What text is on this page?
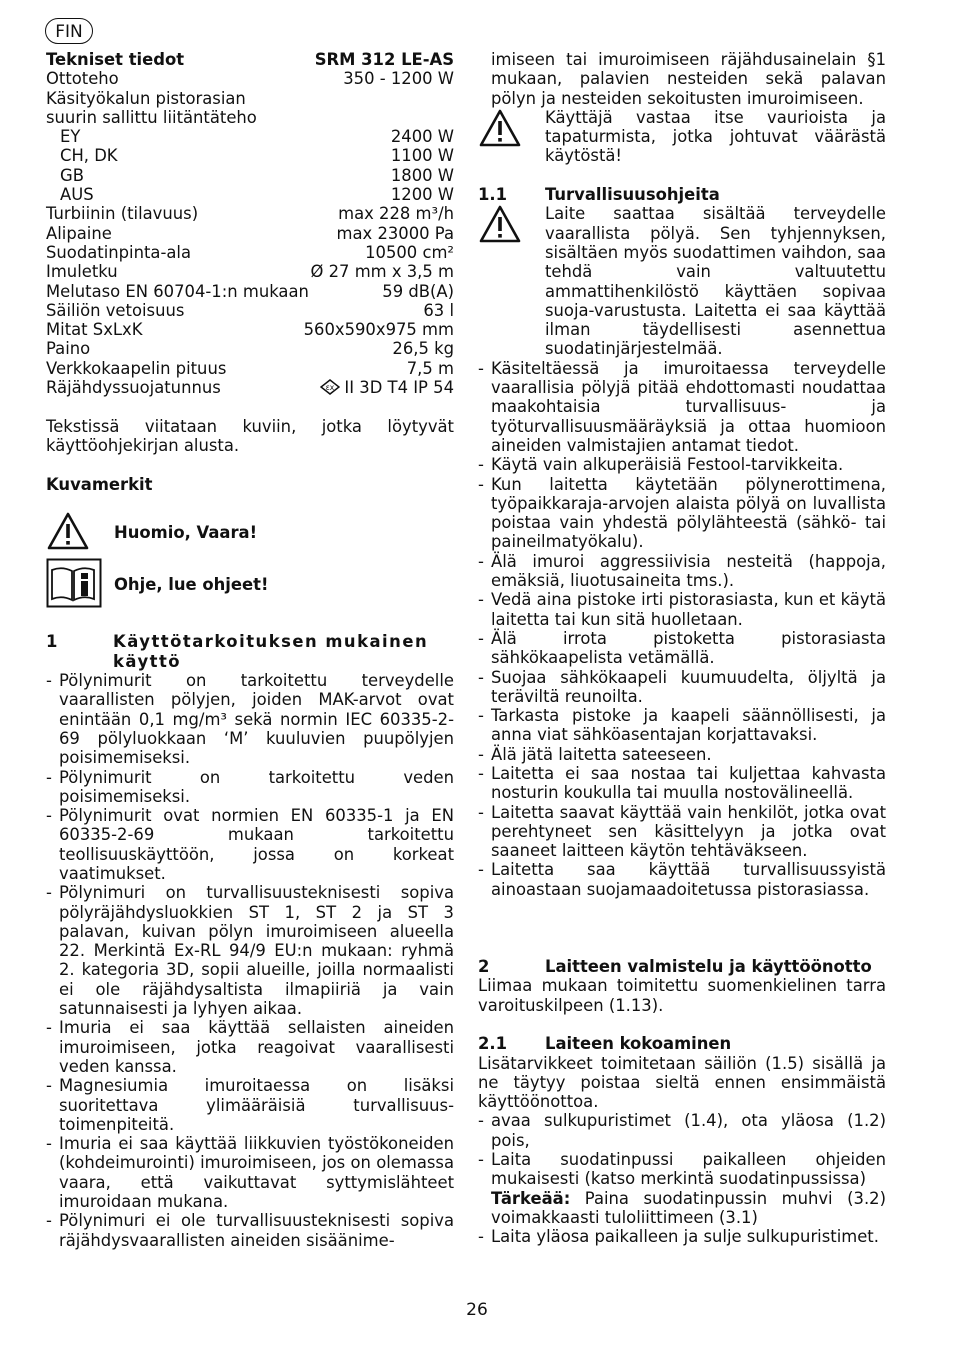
FIN
Tekniset tiedot	SRM 312 LE-AS
Ottoteho	350 - 1200 W
Käsityökalun pistorasian
suurin sallittu liitäntäteho
EY	2400 W
CH, DK	1100 W
GB	1800 W
AUS	1200 W
Turbiinin (tilavuus)	max 228 m³/h
Alipaine	max 23000 Pa
Suodatinpinta-ala	10500 cm²
Imuletku	Ø 27 mm x 3,5 m
Melutaso EN 60704-1:n mukaan	59 dB(A)
Säiliön vetoisuus	63 l
Mitat SxLxK	560x590x975 mm
Paino	26,5 kg
Verkkokaapelin pituus	7,5 m
Räjähdyssuojatunnus	εx II 3D T4 IP 54
Tekstissä viitataan kuviin, jotka löytyvät käyttöohjekirjan alusta.
Kuvamerkit
Huomio, Vaara!
Ohje, lue ohjeet!
1	Käyttötarkoituksen mukainen käyttö
- Pölynimurit on tarkoitettu terveydelle vaarallisten pölyjen, joiden MAK-arvot ovat enintään 0,1 mg/m³ sekä normin IEC 60335-2-69 pölyluokkaan ‘M’ kuuluvien puupölyjen poisimemiseksi.
- Pölynimurit on tarkoitettu veden poisimemiseksi.
- Pölynimurit ovat normien EN 60335-1 ja EN 60335-2-69 mukaan tarkoitettu teollisuuskäyttöön, jossa on korkeat vaatimukset.
- Pölynimuri on turvallisuusteknisesti sopiva pölyräjähdysluokkien ST 1, ST 2 ja ST 3 palavan, kuivan pölyn imuroimiseen alueella 22. Merkintä Ex-RL 94/9 EU:n mukaan: ryhmä 2. kategoria 3D, sopii alueille, joilla normaalisti ei ole räjähdysaltista ilmapiiriä ja vain satunnaisesti ja lyhyen aikaa.
- Imuria ei saa käyttää sellaisten aineiden imuroimiseen, jotka reagoivat vaarallisesti veden kanssa.
- Magnesiumia imuroitaessa on lisäksi suoritettava ylimääräisiä turvallisuus-toimenpiteitä.
- Imuria ei saa käyttää liikkuvien työstökoneiden (kohdeimurointi) imuroimiseen, jos on olemassa vaara, että vaikuttavat syttymislähteet imuroidaan mukana.
- Pölynimuri ei ole turvallisuusteknisesti sopiva räjähdysvaarallisten aineiden sisäänime-
imiseen tai imuroimiseen räjähdusainelain §1 mukaan, palavien nesteiden sekä palavan pölyn ja nesteiden sekoitusten imuroimiseen.
Käyttäjä vastaa itse vaurioista ja tapaturmista, jotka johtuvat väärästä käytöstä!
1.1	Turvallisuusohjeita
Laite saattaa sisältää terveydelle vaarallista pölyä. Sen tyhjennyksen, sisältäen myös suodattimen vaihdon, saa tehdä vain valtuutettu ammattihenkilöstö käyttäen sopivaa suoja-varustusta. Laitetta ei saa käyttää ilman täydellisesti asennettua suodatinjärjestelmää.
- Käsiteltäessä ja imuroitaessa terveydelle vaarallisia pölyjä pitää ehdottomasti noudattaa maakohtaisia turvallisuus- ja työturvallisuusmääräyksiä ja ottaa huomioon aineiden valmistajien antamat tiedot.
- Käytä vain alkuperäisiä Festool-tarvikkeita.
- Kun laitetta käytetään pölynerottimena, työpaikkaraja-arvojen alaista pölyä on luvallista poistaa vain yhdestä pölylähteestä (sähkö- tai paineilmatyökalu).
- Älä imuroi aggressiivisia nesteitä (happoja, emäksiä, liuotusaineita tms.).
- Vedä aina pistoke irti pistorasiasta, kun et käytä laitetta tai kun sitä huolletaan.
- Älä irrota pistoketta pistorasiasta sähkökaapelista vetämällä.
- Suojaa sähkökaapeli kuumuudelta, öljyltä ja teräviltä reunoilta.
- Tarkasta pistoke ja kaapeli säännöllisesti, ja anna viat sähköasentajan korjattavaksi.
- Älä jätä laitetta sateeseen.
- Laitetta ei saa nostaa tai kuljettaa kahvasta nosturin koukulla tai muulla nostovälineellä.
- Laitetta saavat käyttää vain henkilöt, jotka ovat perehtyneet sen käsittelyyn ja jotka ovat saaneet laitteen käytön tehtäväkseen.
- Laitetta saa käyttää turvallisuussyistä ainoastaan suojamaadoitetussa pistorasiassa.
2	Laitteen valmistelu ja käyttöönotto
Liimaa mukaan toimitettu suomenkielinen tarra varoituskilpeen (1.13).
2.1	Laiteen kokoaminen
Lisätarvikkeet toimitetaan säiliön (1.5) sisällä ja ne täytyy poistaa sieltä ennen ensimmäistä käyttöönottoa.
- avaa sulkupuristimet (1.4), ota yläosa (1.2) pois,
- Laita suodatinpussi paikalleen ohjeiden mukaisesti (katso merkintä suodatinpussissa)
Tärkeää: Paina suodatinpussin muhvi (3.2) voimakkaasti tuloliittimeen (3.1)
- Laita yläosa paikalleen ja sulje sulkupuristimet.
26
